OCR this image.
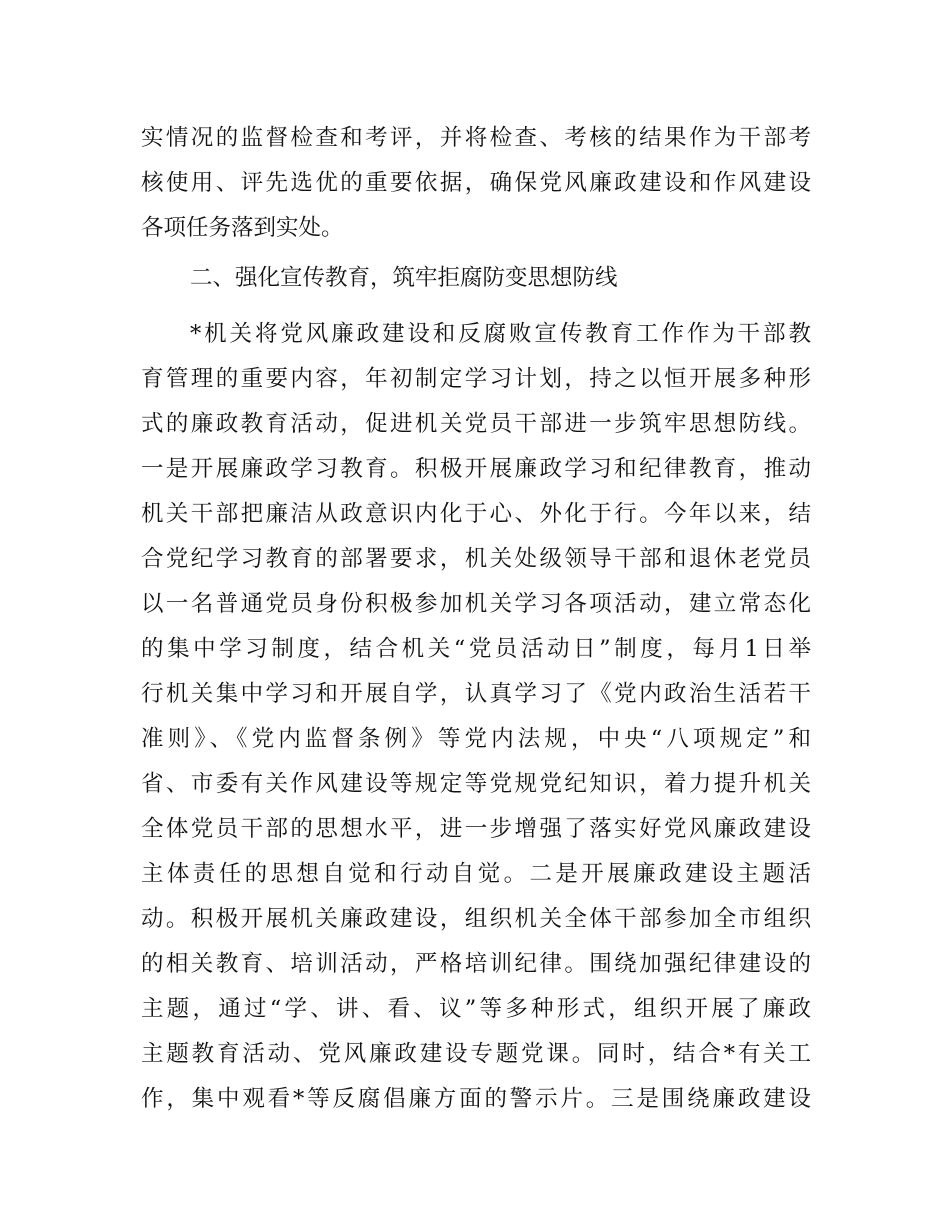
实情况的监督检查和考评，并将检查、考核的结果作为干部考
核使用、评先选优的重要依据，确保党风廉政建设和作风建设
各项任务落到实处。
二、强化宣传教育，筑牢拒腐防变思想防线
*机关将党风廉政建设和反腐败宣传教育工作作为干部教
育管理的重要内容，年初制定学习计划，持之以恒开展多种形
式的廉政教育活动，促进机关党员干部进一步筑牢思想防线。
一是开展廉政学习教育。积极开展廉政学习和纪律教育，推动
机关干部把廉洁从政意识内化于心、外化于行。今年以来，结
合党纪学习教育的部署要求，机关处级领导干部和退休老党员
以一名普通党员身份积极参加机关学习各项活动，建立常态化
的集中学习制度，结合机关“党员活动日”制度，每月1日举
行机关集中学习和开展自学，认真学习了《党内政治生活若干
准则》、《党内监督条例》等党内法规，中央“八项规定”和
省、市委有关作风建设等规定等党规党纪知识，着力提升机关
全体党员干部的思想水平，进一步增强了落实好党风廉政建设
主体责任的思想自觉和行动自觉。二是开展廉政建设主题活
动。积极开展机关廉政建设，组织机关全体干部参加全市组织
的相关教育、培训活动，严格培训纪律。围绕加强纪律建设的
主题，通过“学、讲、看、议”等多种形式，组织开展了廉政
主题教育活动、党风廉政建设专题党课。同时，结合*有关工
作，集中观看*等反腐倡廉方面的警示片。三是围绕廉政建设
